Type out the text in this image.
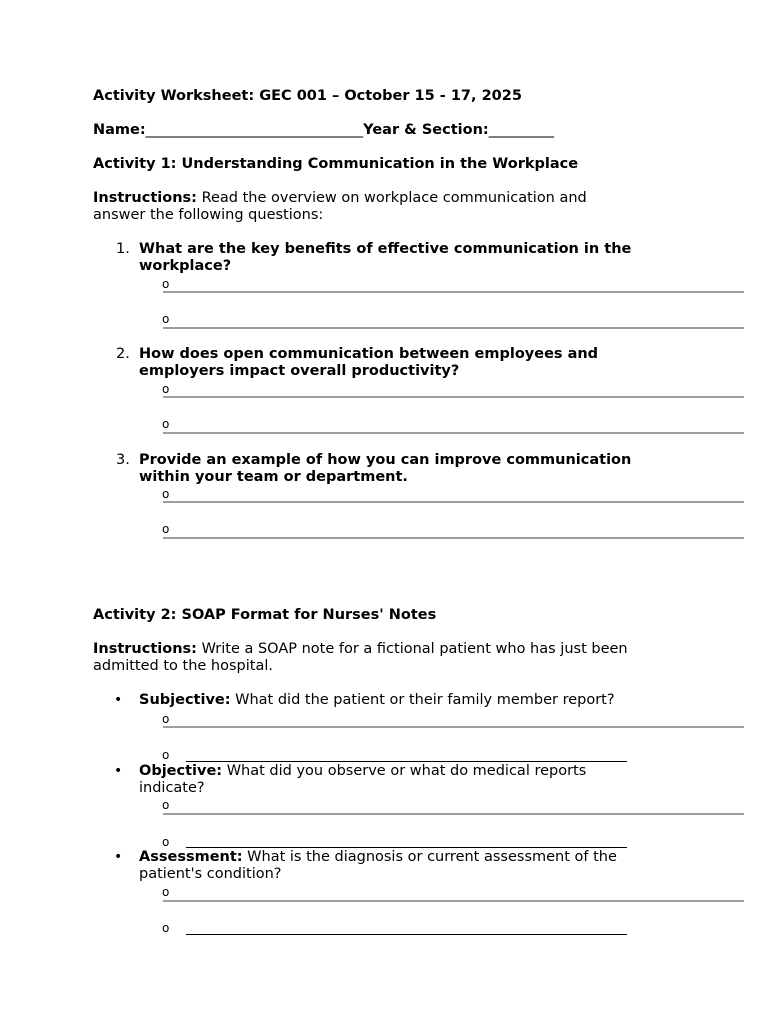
Activity Worksheet: GEC 001 – October 15 - 17, 2025
Name:______________________________Year & Section:_________
Activity 1: Understanding Communication in the Workplace
Instructions: Read the overview on workplace communication and
answer the following questions:
1. What are the key benefits of effective communication in the
workplace?
o
o
2. How does open communication between employees and
employers impact overall productivity?
o
o
3. Provide an example of how you can improve communication
within your team or department.
o
o
Activity 2: SOAP Format for Nurses' Notes
Instructions: Write a SOAP note for a fictional patient who has just been
admitted to the hospital.
• Subjective: What did the patient or their family member report?
o
o
• Objective: What did you observe or what do medical reports
indicate?
o
o
• Assessment: What is the diagnosis or current assessment of the
patient's condition?
o
o
